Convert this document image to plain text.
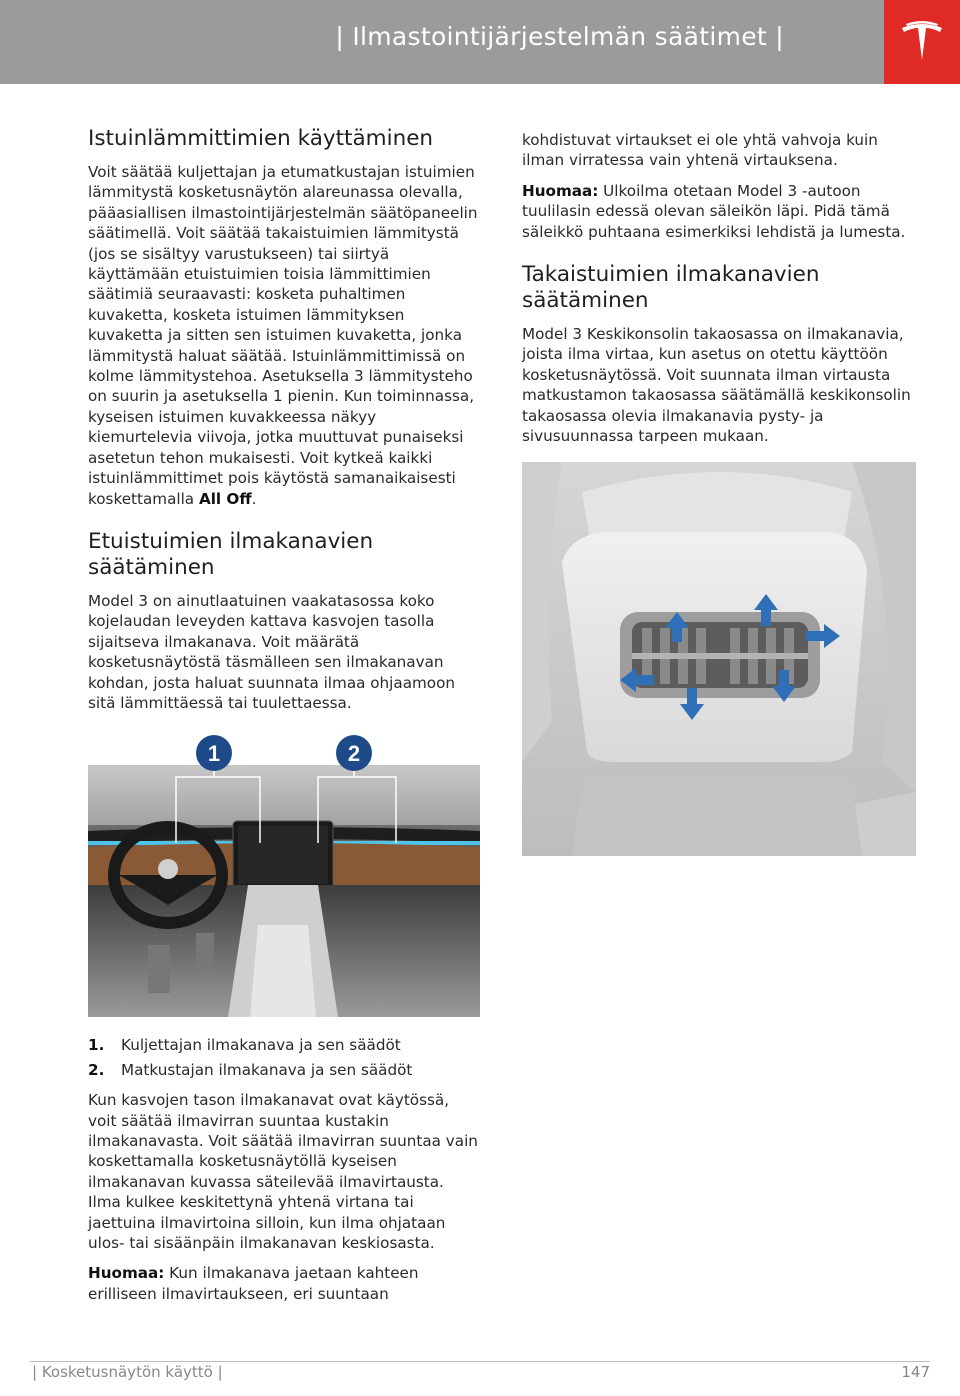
| Ilmastointijärjestelmän säätimet |
Istuinlämmittimien käyttäminen

Voit säätää kuljettajan ja etumatkustajan istuimien lämmitystä kosketusnäytön alareunassa olevalla, pääasiallisen ilmastointijärjestelmän säätöpaneelin säätimellä. Voit säätää takaistuimien lämmitystä (jos se sisältyy varustukseen) tai siirtyä käyttämään etuistuimien toisia lämmittimien säätimiä seuraavasti: kosketa puhaltimen kuvaketta, kosketa istuimen lämmityksen kuvaketta ja sitten sen istuimen kuvaketta, jonka lämmitystä haluat säätää. Istuinlämmittimissä on kolme lämmitystehoa. Asetuksella 3 lämmitysteho on suurin ja asetuksella 1 pienin. Kun toiminnassa, kyseisen istuimen kuvakkeessa näkyy kiemurtelevia viivoja, jotka muuttuvat punaiseksi asetetun tehon mukaisesti. Voit kytkeä kaikki istuinlämmittimet pois käytöstä samanaikaisesti koskettamalla All Off.

Etuistuimien ilmakanavien säätäminen

Model 3 on ainutlaatuinen vaakatasossa koko kojelaudan leveyden kattava kasvojen tasolla sijaitseva ilmakanava. Voit määrätä kosketusnäytöstä täsmälleen sen ilmakanavan kohdan, josta haluat suunnata ilmaa ohjaamoon sitä lämmittäessä tai tuulettaessa.

1	2
1.	Kuljettajan ilmakanava ja sen säädöt
2.	Matkustajan ilmakanava ja sen säädöt

Kun kasvojen tason ilmakanavat ovat käytössä, voit säätää ilmavirran suuntaa kustakin ilmakanavasta. Voit säätää ilmavirran suuntaa vain koskettamalla kosketusnäytöllä kyseisen ilmakanavan kuvassa säteilevää ilmavirtausta. Ilma kulkee keskitettynä yhtenä virtana tai jaettuina ilmavirtoina silloin, kun ilma ohjataan ulos- tai sisäänpäin ilmakanavan keskiosasta.

Huomaa: Kun ilmakanava jaetaan kahteen erilliseen ilmavirtaukseen, eri suuntaan

kohdistuvat virtaukset ei ole yhtä vahvoja kuin ilman virratessa vain yhtenä virtauksena.

Huomaa: Ulkoilma otetaan Model 3 -autoon tuulilasin edessä olevan säleikön läpi. Pidä tämä säleikkö puhtaana esimerkiksi lehdistä ja lumesta.

Takaistuimien ilmakanavien säätäminen

Model 3 Keskikonsolin takaosassa on ilmakanavia, joista ilma virtaa, kun asetus on otettu käyttöön kosketusnäytössä. Voit suunnata ilman virtausta matkustamon takaosassa säätämällä keskikonsolin takaosassa olevia ilmakanavia pysty- ja sivusuunnassa tarpeen mukaan.

| Kosketusnäytön käyttö |	147
